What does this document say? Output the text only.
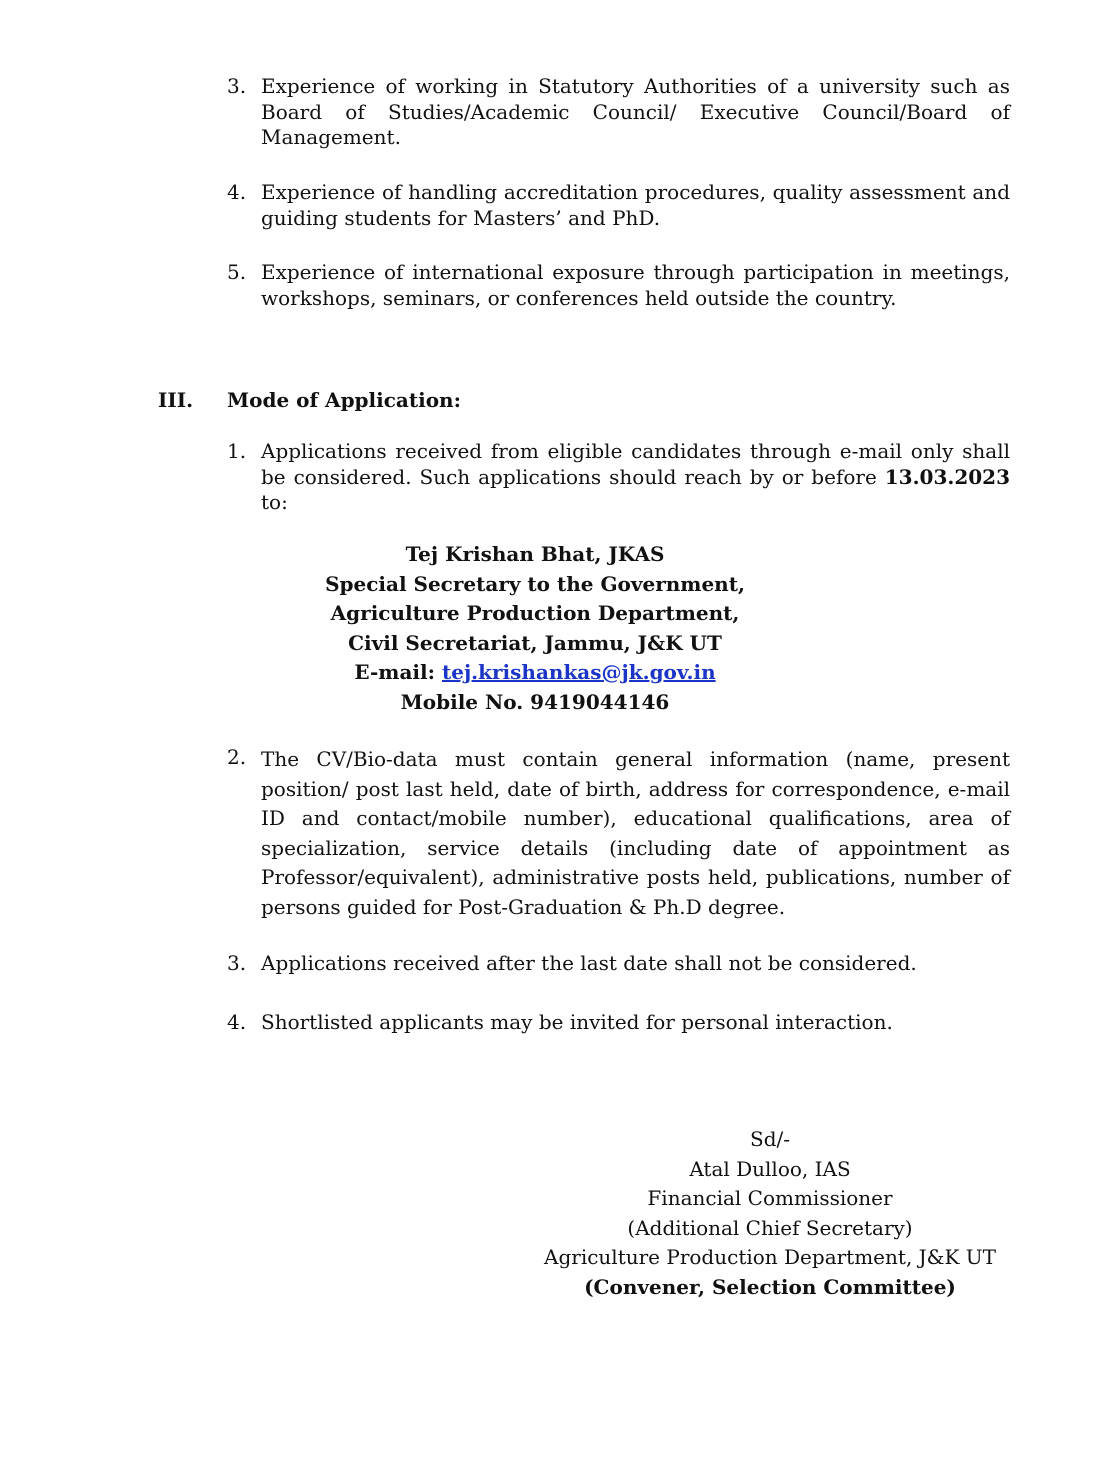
3. Experience of working in Statutory Authorities of a university such as Board of Studies/Academic Council/ Executive Council/Board of Management.
4. Experience of handling accreditation procedures, quality assessment and guiding students for Masters’ and PhD.
5. Experience of international exposure through participation in meetings, workshops, seminars, or conferences held outside the country.
III. Mode of Application:
1. Applications received from eligible candidates through e-mail only shall be considered. Such applications should reach by or before 13.03.2023 to:
Tej Krishan Bhat, JKAS
Special Secretary to the Government,
Agriculture Production Department,
Civil Secretariat, Jammu, J&K UT
E-mail: tej.krishankas@jk.gov.in
Mobile No. 9419044146
2. The CV/Bio-data must contain general information (name, present position/ post last held, date of birth, address for correspondence, e-mail ID and contact/mobile number), educational qualifications, area of specialization, service details (including date of appointment as Professor/equivalent), administrative posts held, publications, number of persons guided for Post-Graduation & Ph.D degree.
3. Applications received after the last date shall not be considered.
4. Shortlisted applicants may be invited for personal interaction.
Sd/-
Atal Dulloo, IAS
Financial Commissioner
(Additional Chief Secretary)
Agriculture Production Department, J&K UT
(Convener, Selection Committee)
